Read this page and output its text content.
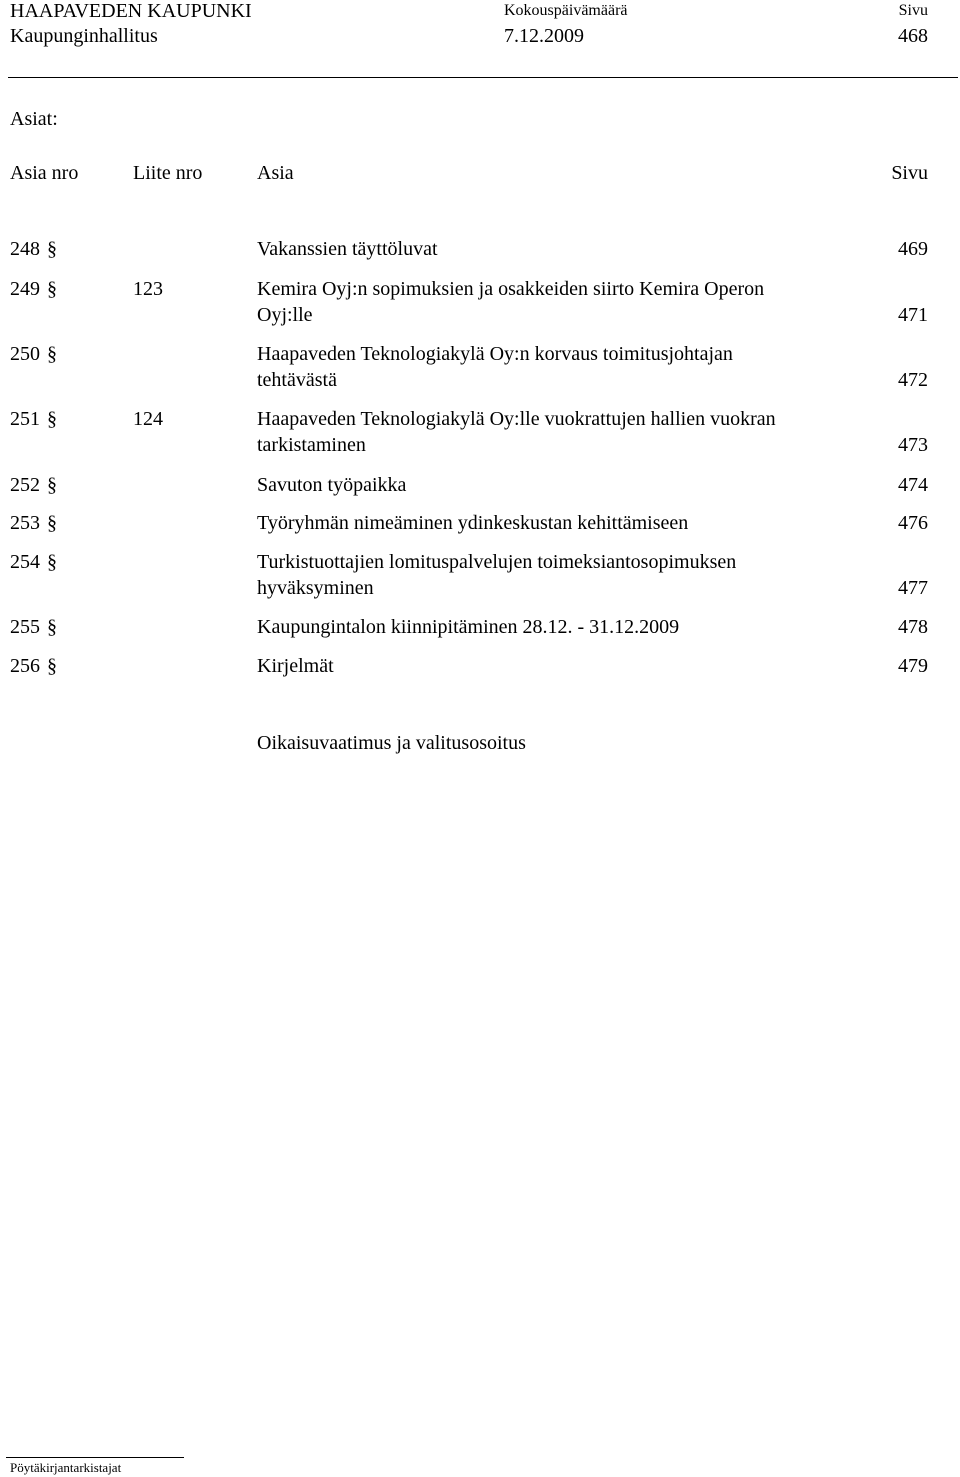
HAAPAVEDEN KAUPUNKI
Kaupunginhallitus
Kokouspäivämäärä
7.12.2009
Sivu
468
Asiat:
Asia nro	Liite nro	Asia	Sivu
248 §	Vakanssien täyttöluvat	469
249 §	123	Kemira Oyj:n sopimuksien ja osakkeiden siirto Kemira Operon
Oyj:lle	471
250 §	Haapaveden Teknologiakylä Oy:n korvaus toimitusjohtajan
tehtävästä	472
251 §	124	Haapaveden Teknologiakylä Oy:lle vuokrattujen hallien vuokran
tarkistaminen	473
252 §	Savuton työpaikka	474
253 §	Työryhmän nimeäminen ydinkeskustan kehittämiseen	476
254 §	Turkistuottajien lomituspalvelujen toimeksiantosopimuksen
hyväksyminen	477
255 §	Kaupungintalon kiinnipitäminen 28.12. - 31.12.2009	478
256 §	Kirjelmät	479
Oikaisuvaatimus ja valitusosoitus
Pöytäkirjantarkistajat
